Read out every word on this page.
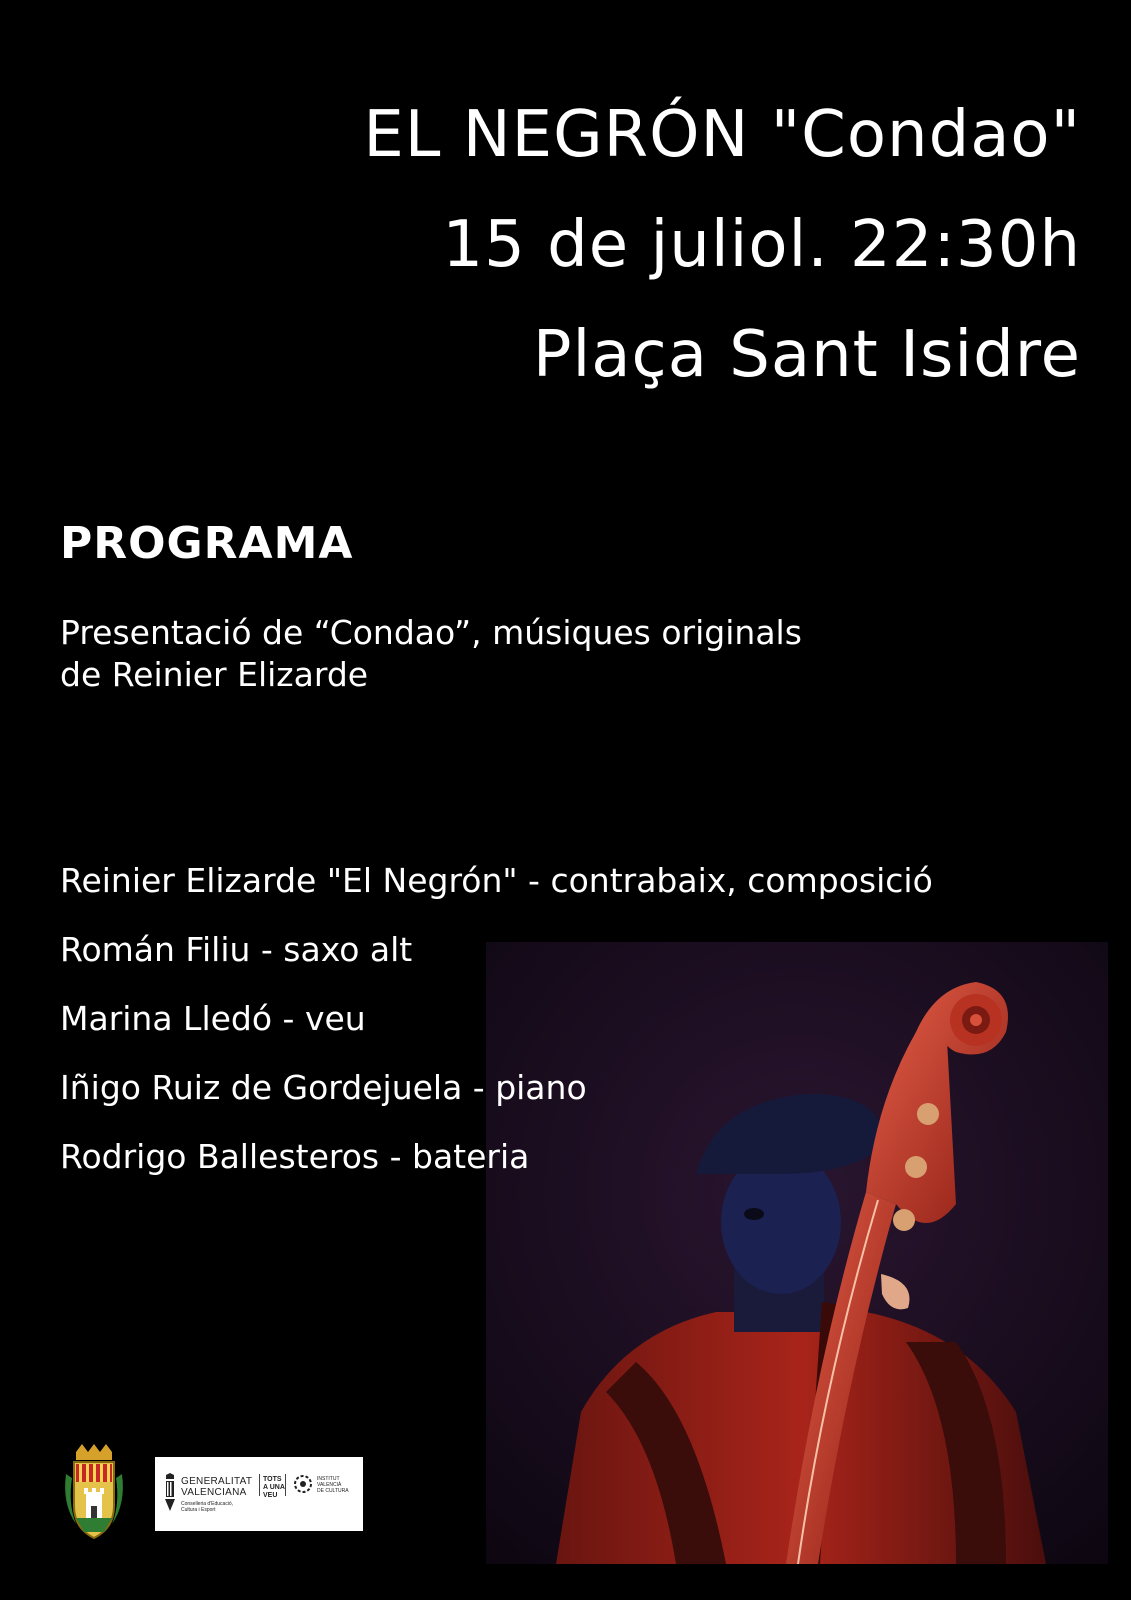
EL NEGRÓN "Condao"
15 de juliol. 22:30h
Plaça Sant Isidre
PROGRAMA
Presentació de “Condao”, músiques originals
de Reinier Elizarde
Reinier Elizarde "El Negrón" - contrabaix, composició
Román Filiu - saxo alt
Marina Lledó - veu
Iñigo Ruiz de Gordejuela - piano
Rodrigo Ballesteros - bateria
GENERALITAT
VALENCIANA
Conselleria d'Educació,
Cultura i Esport
TOTS
A UNA
VEU
INSTITUT
VALENCIÀ
DE CULTURA
